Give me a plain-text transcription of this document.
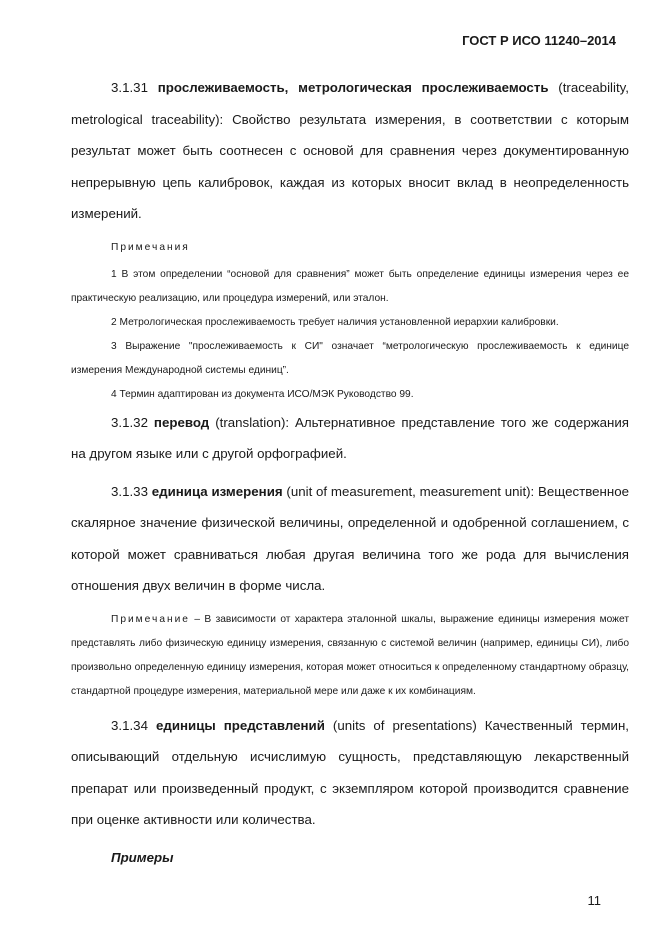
ГОСТ Р ИСО 11240–2014

3.1.31 прослеживаемость, метрологическая прослеживаемость (traceability, metrological traceability): Свойство результата измерения, в соответствии с которым результат может быть соотнесен с основой для сравнения через документированную непрерывную цепь калибровок, каждая из которых вносит вклад в неопределенность измерений.

Примечания

1 В этом определении “основой для сравнения” может быть определение единицы измерения через ее практическую реализацию, или процедура измерений, или эталон.

2 Метрологическая прослеживаемость требует наличия установленной иерархии калибровки.

3 Выражение "прослеживаемость к СИ" означает “метрологическую прослеживаемость к единице измерения Международной системы единиц”.

4 Термин адаптирован из документа ИСО/МЭК Руководство 99.

3.1.32 перевод (translation): Альтернативное представление того же содержания на другом языке или с другой орфографией.

3.1.33 единица измерения (unit of measurement, measurement unit): Вещественное скалярное значение физической величины, определенной и одобренной соглашением, с которой может сравниваться любая другая величина того же рода для вычисления отношения двух величин в форме числа.

Примечание – В зависимости от характера эталонной шкалы, выражение единицы измерения может представлять либо физическую единицу измерения, связанную с системой величин (например, единицы СИ), либо произвольно определенную единицу измерения, которая может относиться к определенному стандартному образцу, стандартной процедуре измерения, материальной мере или даже к их комбинациям.

3.1.34 единицы представлений (units of presentations) Качественный термин, описывающий отдельную исчислимую сущность, представляющую лекарственный препарат или произведенный продукт, с экземпляром которой производится сравнение при оценке активности или количества.

Примеры

11
